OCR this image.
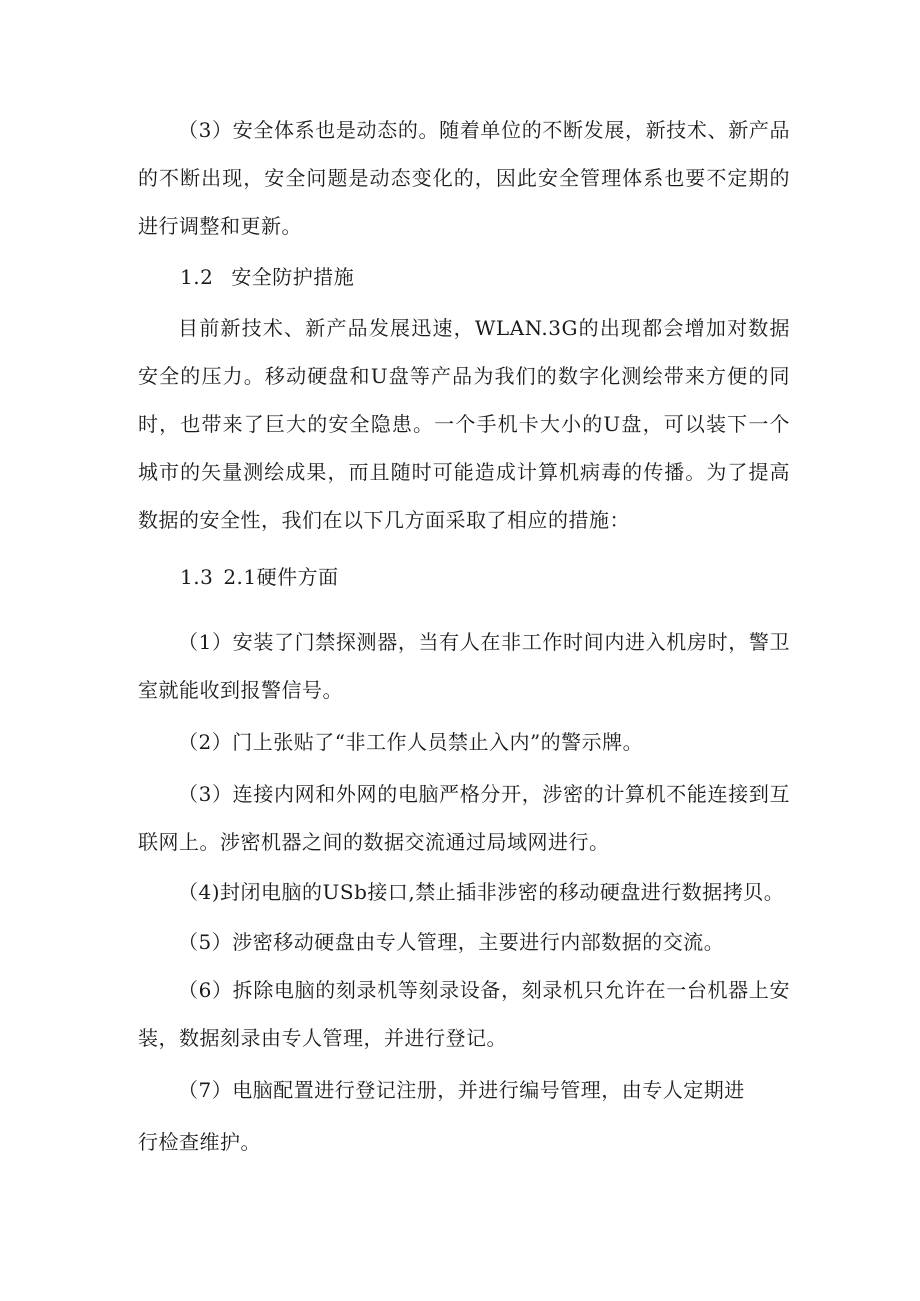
（3）安全体系也是动态的。随着单位的不断发展，新技术、新产品的不断出现，安全问题是动态变化的，因此安全管理体系也要不定期的进行调整和更新。

1.2 安全防护措施

目前新技术、新产品发展迅速，WLAN.3G的出现都会增加对数据安全的压力。移动硬盘和U盘等产品为我们的数字化测绘带来方便的同时，也带来了巨大的安全隐患。一个手机卡大小的U盘，可以装下一个城市的矢量测绘成果，而且随时可能造成计算机病毒的传播。为了提高数据的安全性，我们在以下几方面采取了相应的措施：

1.3 2.1硬件方面

（1）安装了门禁探测器，当有人在非工作时间内进入机房时，警卫室就能收到报警信号。

（2）门上张贴了“非工作人员禁止入内”的警示牌。

（3）连接内网和外网的电脑严格分开，涉密的计算机不能连接到互联网上。涉密机器之间的数据交流通过局域网进行。

（4)封闭电脑的USb接口,禁止插非涉密的移动硬盘进行数据拷贝。

（5）涉密移动硬盘由专人管理，主要进行内部数据的交流。

（6）拆除电脑的刻录机等刻录设备，刻录机只允许在一台机器上安装，数据刻录由专人管理，并进行登记。

（7）电脑配置进行登记注册，并进行编号管理，由专人定期进

行检查维护。
